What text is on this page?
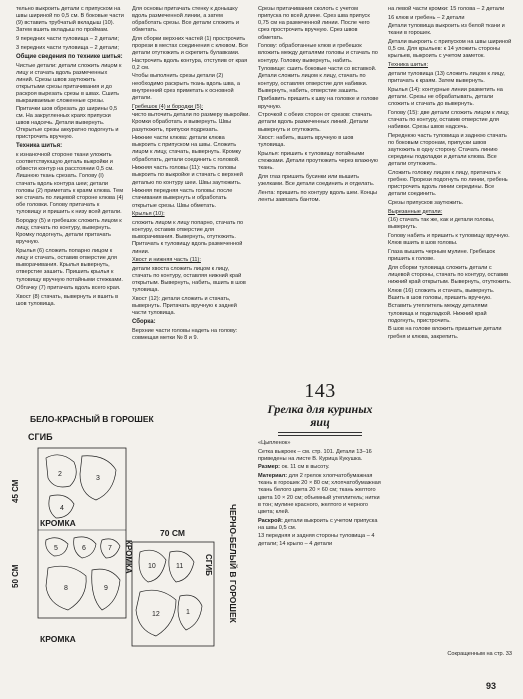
тельно выкроить детали с припуском на швы шириной по 0,5 см. В боковые части (9) вставить трубчатый вкладыш (10). Затем вшить вкладыш по проймам.

9 передних части туловища – 2 детали;

3 передних части туловища – 2 детали;

Общие сведения по технике шитья:

Чистые детали: детали сложить лицом к лицу и стачать вдоль размеченных линий. Срезы швов заутюжить открытыми срезы притачивания и до раскроя вырезать срезы в швах. Сшить выкраиваемые сложенные срезы. Притачки шов обрезать до ширины 0,5 см. На закругленных краях припуски швов надсечь. Детали вывернуть. Открытые срезы аккуратно подогнуть и пристрочить вручную.

Техника шитья:

к изнаночной стороне ткани уложить соответствующую деталь выкройки и обвести контур на расстоянии 0,5 см. Лишнюю ткань срезать. Голову (I) стачать вдоль контура шеи; детали головы (2) приметать к краям клюва. Тем же стачать по лицевой стороне клюва (4) обе головки. Голову притачать к туловищу и пришить к низу всей детали.

Бородку (5) и гребешок сложить лицом к лицу, стачать по контуру, вывернуть. Кромку подогнуть, детали притачать вручную.

Крылья (6) сложить попарно лицом к лицу и стачать, оставив отверстие для выворачивания. Крылья вывернуть, отверстие зашить. Пришить крылья к туловищу вручную потайными стежками.

Обтачку (7) притачать вдоль всего края.

Хвост (8) стачать, вывернуть и вшить в шов туловища.

Для основы притачать стенку к донышку вдоль размеченной линии, а затем обработать срезы. Все детали сложить и обметать.

Для сборки верхних частей (1) прострочить прорези в местах соединения с клювом. Все детали отутюжить и скрепить булавками. Настрочить вдоль контура, отступив от края 0,2 см.

Чтобы выполнить срезы детали (2) необходимо раскрыть ткань вдоль шва, а внутренний срез приметать к основной детали.

Гребешок (4) и бородки (5):

чисто выточить детали по размеру выкройки. Кромки обработать и вывернуть. Швы разутюжить, припуски подрезать.

Нижние части клюва: детали клюва выкроить с припуском на швы. Сложить лицом к лицу, стачать, вывернуть. Кромку обработать, детали соединить с головой.

Нижняя часть головы (11): часть головы выкроить по выкройке и стачать с верхней деталью по контуру шеи. Швы заутюжить.

Нижняя передняя часть головы: после стачивания вывернуть и обработать открытые срезы. Швы обметать.

Крылья (10):

сложить лицом к лицу попарно, стачать по контуру, оставив отверстие для выворачивания. Вывернуть, отутюжить. Притачать к туловищу вдоль размеченной линии.

Хвост и нижняя часть (11):

детали хвоста сложить лицом к лицу, стачать по контуру, оставляя нижний край открытым. Вывернуть, набить, вшить в шов туловища.

Хвост (12): детали сложить и стачать, вывернуть. Притачать вручную к задней части туловища.

Сборка:

Верхние части головы надеть на голову: совмещая метки № 8 и 9.

Срезы притачивания сколоть с учетом припуска по всей длине. Срез шва припуск 0,75 см на размеченной линии. После чего срез прострочить вручную. Срез швов обметать.

Голову: обработанные клюв и гребешок вложить между деталями головы и стачать по контуру. Головку вывернуть, набить.

Туловище: сшить боковые части со вставкой. Детали сложить лицом к лицу, стачать по контуру, оставляя отверстие для набивки. Вывернуть, набить, отверстие зашить.

Прибавить пришить к шву на головке и голове вручную.

Строчкой с обеих сторон от срезов: стачать детали вдоль размеченных линий. Детали вывернуть и отутюжить.

Хвост: набить, вшить вручную в шов туловища.

Крылья: пришить к туловищу потайными стежками. Детали проутюжить через влажную ткань.

Для глаз пришить бусинки или вышить узелками. Все детали соединить и отделать.

Лента: пришить по контуру вдоль шеи. Концы ленты завязать бантом.

143
Грелка для куриных яиц

«Цыпленок»

Сетка выкроек – см. стр. 101. Детали 13–16 приведены на листе В. Курица Кукушка.

Размер: ок. 11 см в высоту.

Материал: для 2 грелок хлопчатобумажная ткань в горошек 20 × 80 см; хлопчатобумажная ткань белого цвета 20 × 60 см; ткань желтого цвета 10 × 20 см; объемный утеплитель; нитки в тон; мулине красного, желтого и черного цвета; клей.

Раскрой: детали выкроить с учетом припуска на швы 0,5 см.

13 передняя и задняя стороны туловища – 4 детали; 14 крыло – 4 детали

на левой части кромки: 15 голова – 2 детали

16 клюв и гребень – 2 детали

Детали туловища выкроить из белой ткани и ткани в горошек.

Детали выкроить с припуском на швы шириной 0,5 см. Для крыльев: к 14 уложить стороны крыльев, выкроить с учетом заметок.

Техника шитья:

детали туловища (13) сложить лицом к лицу, притачать к краям. Затем вывернуть.

Крылья (14): контурные линии разметить на детали. Срезы не обрабатывать, детали сложить и стачать до вывернуть.

Голову (15): две детали сложить лицом к лицу, стачать по контуру, оставив отверстие для набивки. Срезы швов надсечь.

Переднюю часть туловища и заднюю стачать по боковым сторонам, припуски швов заутюжить в одну сторону. Стачать линию середины подкладки и детали клюва. Все детали отутюжить.

Сложить головку лицом к лицу, притачать к гребню. Прорези подогнуть по линии, гребень пристрочить вдоль линии середины. Все детали соединить.

Срезы припусков заутюжить.

Вырезанные детали:

(16) стачать так же, как и детали головы, вывернуть.

Голову набить и пришить к туловищу вручную. Клюв вшить в шов головы.

Глаза вышить черным мулине. Гребешок пришить к голове.

Для сборки туловища сложить детали с лицевой стороны, стачать по контуру, оставив нижний край открытым. Вывернуть, отутюжить.

Клюв (16) сложить и стачать, вывернуть. Вшить в шов головы, пришить вручную.

Вставить утеплитель между деталями туловища и подкладкой. Нижний край подогнуть, пристрочить.

В шов на голове вложить пришитые детали гребня и клюва, закрепить.

Сокращенным на стр. 33
93
БЕЛО-КРАСНЫЙ В ГОРОШЕК
СГИБ
45 СМ
50 СМ
КРОМКА
КРОМКА
2
3
4
5	6	7
8	9
70 СМ
КРОМКА	СГИБ
10	11
12	1	ЧЕРНО-БЕЛЫЙ В ГОРОШЕК
